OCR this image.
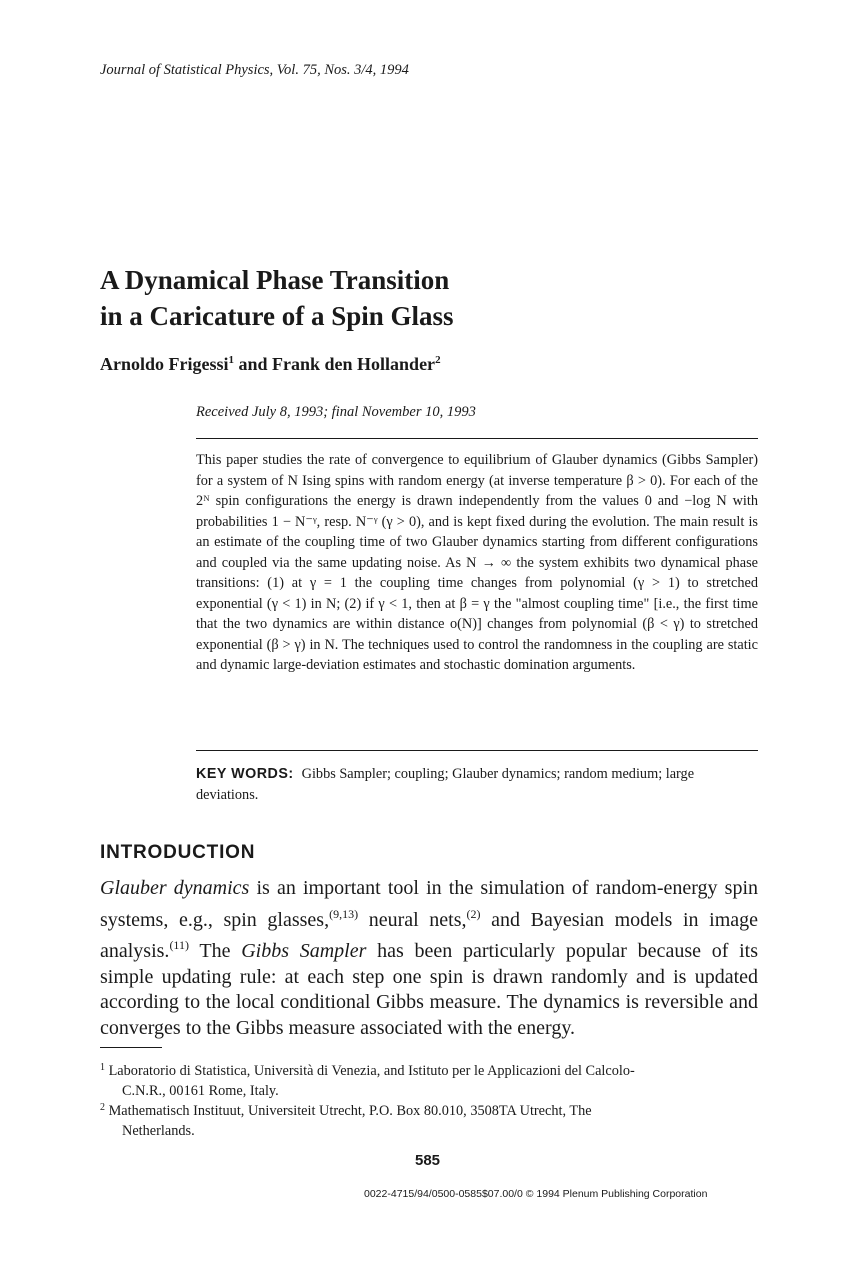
Journal of Statistical Physics, Vol. 75, Nos. 3/4, 1994
A Dynamical Phase Transition
in a Caricature of a Spin Glass
Arnoldo Frigessi$^1$ and Frank den Hollander$^2$
Received July 8, 1993; final November 10, 1993

This paper studies the rate of convergence to equilibrium of Glauber dynamics (Gibbs Sampler) for a system of N Ising spins with random energy (at inverse temperature β > 0). For each of the 2ᴺ spin configurations the energy is drawn independently from the values 0 and −log N with probabilities 1 − N⁻ᵞ, resp. N⁻ᵞ (γ > 0), and is kept fixed during the evolution. The main result is an estimate of the coupling time of two Glauber dynamics starting from different configurations and coupled via the same updating noise. As N → ∞ the system exhibits two dynamical phase transitions: (1) at γ = 1 the coupling time changes from polynomial (γ > 1) to stretched exponential (γ < 1) in N; (2) if γ < 1, then at β = γ the "almost coupling time" [i.e., the first time that the two dynamics are within distance o(N)] changes from polynomial (β < γ) to stretched exponential (β > γ) in N. The techniques used to control the randomness in the coupling are static and dynamic large-deviation estimates and stochastic domination arguments.

KEY WORDS: Gibbs Sampler; coupling; Glauber dynamics; random medium; large deviations.
INTRODUCTION

Glauber dynamics is an important tool in the simulation of random-energy spin systems, e.g., spin glasses,$^{(9,13)}$ neural nets,$^{(2)}$ and Bayesian models in image analysis.$^{(11)}$ The Gibbs Sampler has been particularly popular because of its simple updating rule: at each step one spin is drawn randomly and is updated according to the local conditional Gibbs measure. The dynamics is reversible and converges to the Gibbs measure associated with the energy.

$^1$ Laboratorio di Statistica, Università di Venezia, and Istituto per le Applicazioni del Calcolo-
C.N.R., 00161 Rome, Italy.
$^2$ Mathematisch Instituut, Universiteit Utrecht, P.O. Box 80.010, 3508TA Utrecht, The
Netherlands.
585
0022-4715/94/0500-0585$07.00/0 © 1994 Plenum Publishing Corporation
